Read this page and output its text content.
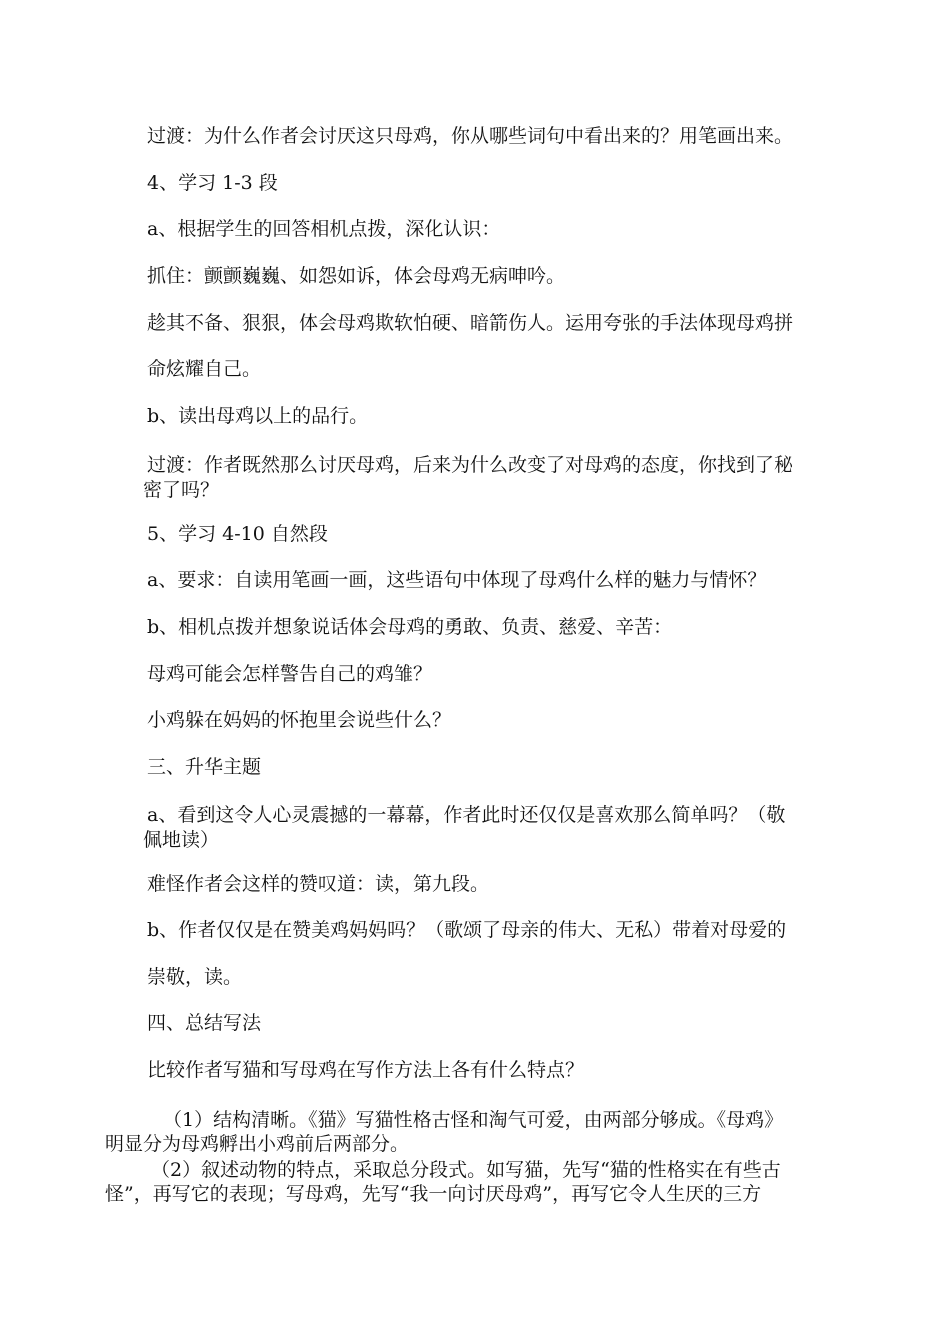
过渡：为什么作者会讨厌这只母鸡，你从哪些词句中看出来的？用笔画出来。
4、学习 1-3 段
a、根据学生的回答相机点拨，深化认识：
抓住：颤颤巍巍、如怨如诉，体会母鸡无病呻吟。
趁其不备、狠狠，体会母鸡欺软怕硬、暗箭伤人。运用夸张的手法体现母鸡拼
命炫耀自己。
b、读出母鸡以上的品行。
过渡：作者既然那么讨厌母鸡，后来为什么改变了对母鸡的态度，你找到了秘
密了吗？
5、学习 4-10 自然段
a、要求：自读用笔画一画，这些语句中体现了母鸡什么样的魅力与情怀？
b、相机点拨并想象说话体会母鸡的勇敢、负责、慈爱、辛苦：
母鸡可能会怎样警告自己的鸡雏？
小鸡躲在妈妈的怀抱里会说些什么？
三、升华主题
a、看到这令人心灵震撼的一幕幕，作者此时还仅仅是喜欢那么简单吗？（敬
佩地读）
难怪作者会这样的赞叹道：读，第九段。
b、作者仅仅是在赞美鸡妈妈吗？（歌颂了母亲的伟大、无私）带着对母爱的
崇敬，读。
四、总结写法
比较作者写猫和写母鸡在写作方法上各有什么特点？
（1）结构清晰。《猫》写猫性格古怪和淘气可爱，由两部分够成。《母鸡》
明显分为母鸡孵出小鸡前后两部分。
（2）叙述动物的特点，采取总分段式。如写猫，先写“猫的性格实在有些古
怪”，再写它的表现；写母鸡，先写“我一向讨厌母鸡”，再写它令人生厌的三方
